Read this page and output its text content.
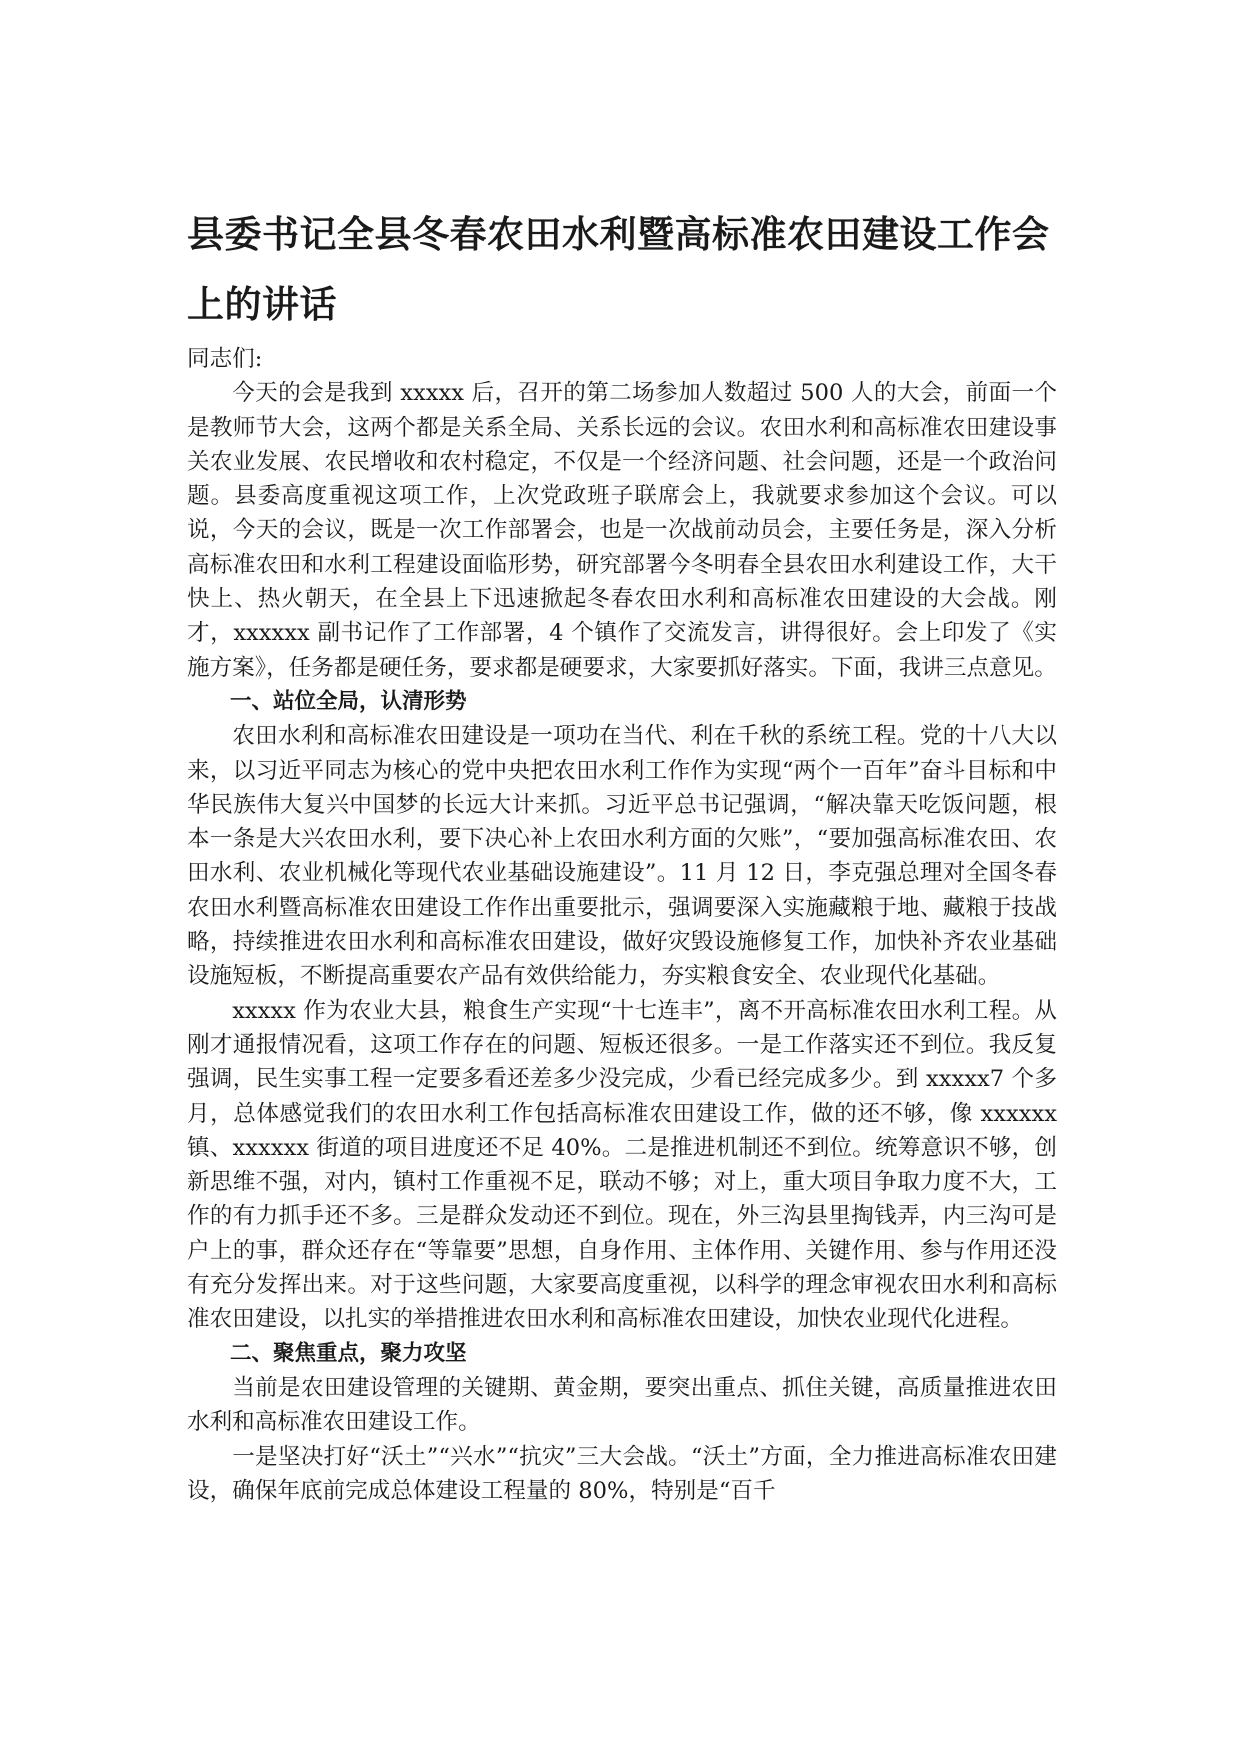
县委书记全县冬春农田水利暨高标准农田建设工作会上的讲话

同志们:

今天的会是我到 xxxxx 后，召开的第二场参加人数超过 500 人的大会，前面一个是教师节大会，这两个都是关系全局、关系长远的会议。农田水利和高标准农田建设事关农业发展、农民增收和农村稳定，不仅是一个经济问题、社会问题，还是一个政治问题。县委高度重视这项工作，上次党政班子联席会上，我就要求参加这个会议。可以说，今天的会议，既是一次工作部署会，也是一次战前动员会，主要任务是，深入分析高标准农田和水利工程建设面临形势，研究部署今冬明春全县农田水利建设工作，大干快上、热火朝天，在全县上下迅速掀起冬春农田水利和高标准农田建设的大会战。刚才，xxxxxx 副书记作了工作部署，4 个镇作了交流发言，讲得很好。会上印发了《实施方案》，任务都是硬任务，要求都是硬要求，大家要抓好落实。下面，我讲三点意见。

一、站位全局，认清形势

农田水利和高标准农田建设是一项功在当代、利在千秋的系统工程。党的十八大以来，以习近平同志为核心的党中央把农田水利工作作为实现“两个一百年”奋斗目标和中华民族伟大复兴中国梦的长远大计来抓。习近平总书记强调，“解决靠天吃饭问题，根本一条是大兴农田水利，要下决心补上农田水利方面的欠账”，“要加强高标准农田、农田水利、农业机械化等现代农业基础设施建设”。11 月 12 日，李克强总理对全国冬春农田水利暨高标准农田建设工作作出重要批示，强调要深入实施藏粮于地、藏粮于技战略，持续推进农田水利和高标准农田建设，做好灾毁设施修复工作，加快补齐农业基础设施短板，不断提高重要农产品有效供给能力，夯实粮食安全、农业现代化基础。

xxxxx 作为农业大县，粮食生产实现“十七连丰”，离不开高标准农田水利工程。从刚才通报情况看，这项工作存在的问题、短板还很多。一是工作落实还不到位。我反复强调，民生实事工程一定要多看还差多少没完成，少看已经完成多少。到 xxxxx7 个多月，总体感觉我们的农田水利工作包括高标准农田建设工作，做的还不够，像 xxxxxx 镇、xxxxxx 街道的项目进度还不足 40%。二是推进机制还不到位。统筹意识不够，创新思维不强，对内，镇村工作重视不足，联动不够；对上，重大项目争取力度不大，工作的有力抓手还不多。三是群众发动还不到位。现在，外三沟县里掏钱弄，内三沟可是户上的事，群众还存在“等靠要”思想，自身作用、主体作用、关键作用、参与作用还没有充分发挥出来。对于这些问题，大家要高度重视，以科学的理念审视农田水利和高标准农田建设，以扎实的举措推进农田水利和高标准农田建设，加快农业现代化进程。

二、聚焦重点，聚力攻坚

当前是农田建设管理的关键期、黄金期，要突出重点、抓住关键，高质量推进农田水利和高标准农田建设工作。

一是坚决打好“沃土”“兴水”“抗灾”三大会战。“沃土”方面，全力推进高标准农田建设，确保年底前完成总体建设工程量的 80%，特别是“百千
